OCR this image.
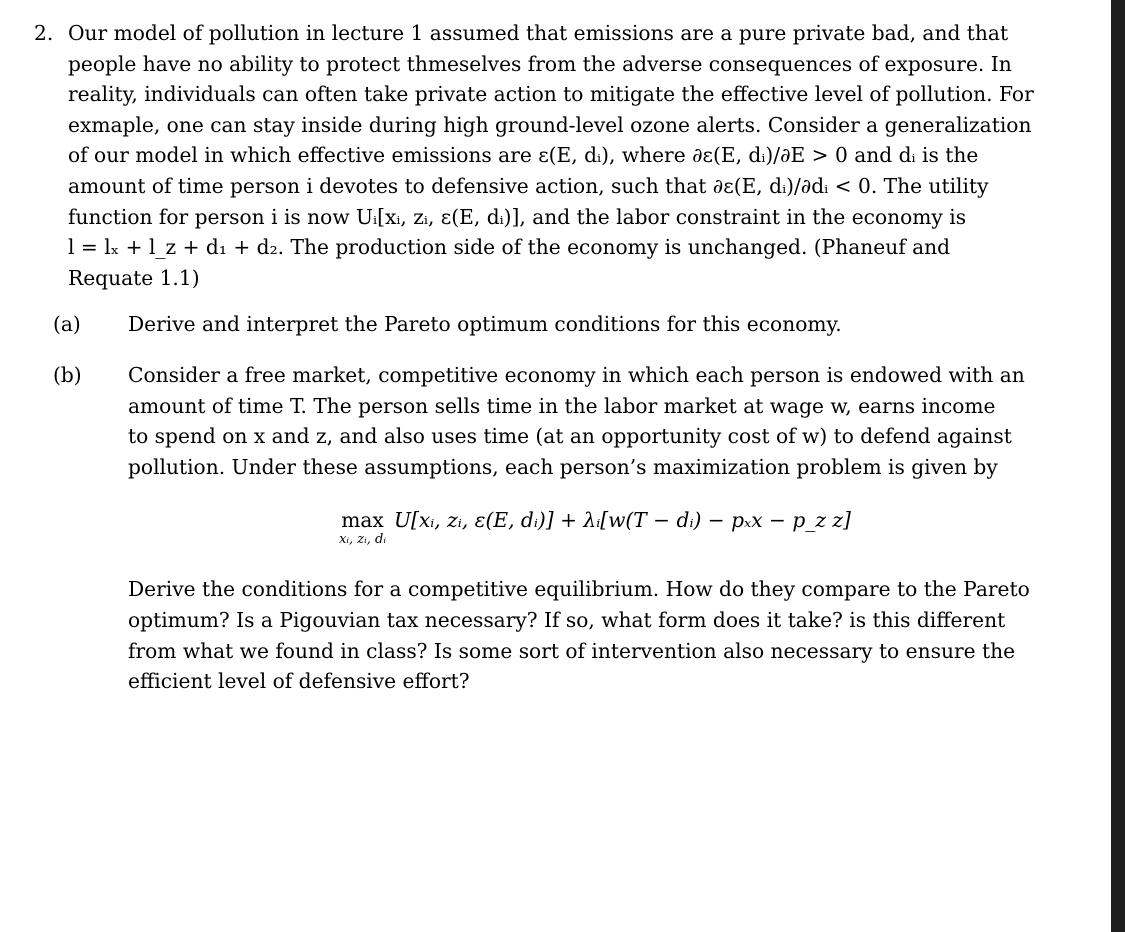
2. Our model of pollution in lecture 1 assumed that emissions are a pure private bad, and that
people have no ability to protect thmeselves from the adverse consequences of exposure. In
reality, individuals can often take private action to mitigate the effective level of pollution. For
exmaple, one can stay inside during high ground-level ozone alerts. Consider a generalization
of our model in which effective emissions are ε(E, dᵢ), where ∂ε(E, dᵢ)/∂E > 0 and dᵢ is the
amount of time person i devotes to defensive action, such that ∂ε(E, dᵢ)/∂dᵢ < 0. The utility
function for person i is now Uᵢ[xᵢ, zᵢ, ε(E, dᵢ)], and the labor constraint in the economy is
l = lₓ + l_z + d₁ + d₂. The production side of the economy is unchanged. (Phaneuf and
Requate 1.1)
(a) Derive and interpret the Pareto optimum conditions for this economy.
(b) Consider a free market, competitive economy in which each person is endowed with an
amount of time T. The person sells time in the labor market at wage w, earns income
to spend on x and z, and also uses time (at an opportunity cost of w) to defend against
pollution. Under these assumptions, each person’s maximization problem is given by
max
xᵢ, zᵢ, dᵢ
U[xᵢ, zᵢ, ε(E, dᵢ)] + λᵢ[w(T − dᵢ) − pₓx − p_z z]
Derive the conditions for a competitive equilibrium. How do they compare to the Pareto
optimum? Is a Pigouvian tax necessary? If so, what form does it take? is this different
from what we found in class? Is some sort of intervention also necessary to ensure the
efficient level of defensive effort?
